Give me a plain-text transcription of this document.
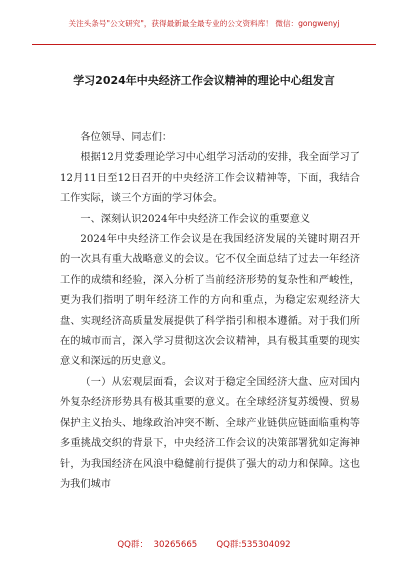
关注头条号"公文研究"，获得最新最全最专业的公文资料库！ 微信：gongwenyj
学习2024年中央经济工作会议精神的理论中心组发言

各位领导、同志们：

根据12月党委理论学习中心组学习活动的安排，我全面学习了12月11日至12日召开的中央经济工作会议精神等，下面，我结合工作实际，谈三个方面的学习体会。

一、深刻认识2024年中央经济工作会议的重要意义

2024年中央经济工作会议是在我国经济发展的关键时期召开的一次具有重大战略意义的会议。它不仅全面总结了过去一年经济工作的成绩和经验，深入分析了当前经济形势的复杂性和严峻性，更为我们指明了明年经济工作的方向和重点，为稳定宏观经济大盘、实现经济高质量发展提供了科学指引和根本遵循。对于我们所在的城市而言，深入学习贯彻这次会议精神，具有极其重要的现实意义和深远的历史意义。

（一）从宏观层面看，会议对于稳定全国经济大盘、应对国内外复杂经济形势具有极其重要的意义。在全球经济复苏缓慢、贸易保护主义抬头、地缘政治冲突不断、全球产业链供应链面临重构等多重挑战交织的背景下，中央经济工作会议的决策部署犹如定海神针，为我国经济在风浪中稳健前行提供了强大的动力和保障。这也为我们城市

QQ群：  30265665       QQ群:535304092
